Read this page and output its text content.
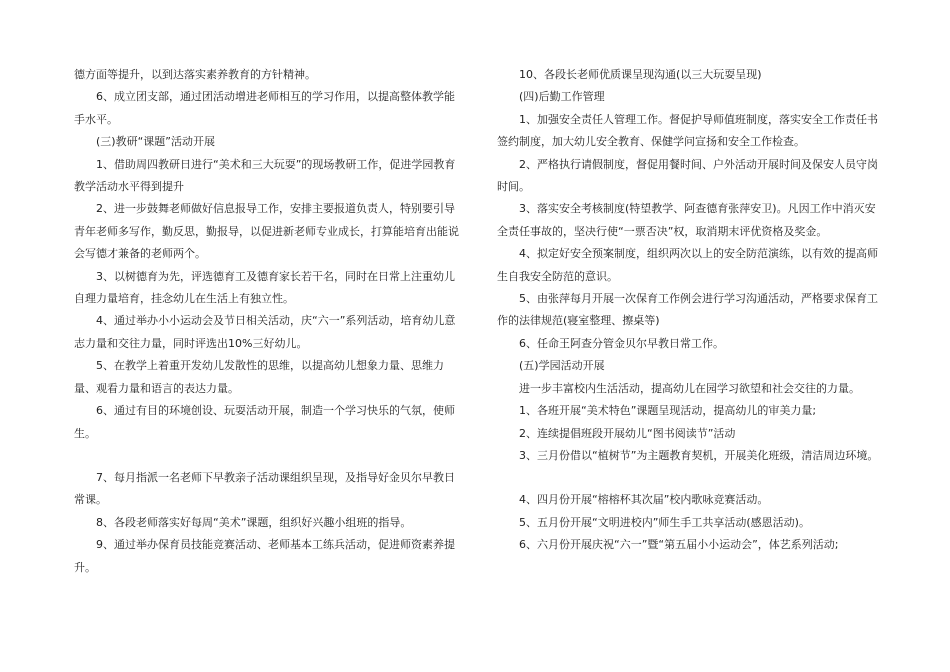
德方面等提升，以到达落实素养教育的方针精神。

6、成立团支部，通过团活动增进老师相互的学习作用，以提高整体教学能手水平。

(三)教研“课题”活动开展

1、借助周四教研日进行“美术和三大玩耍”的现场教研工作，促进学园教育教学活动水平得到提升

2、进一步鼓舞老师做好信息报导工作，安排主要报道负责人，特别要引导青年老师多写作，勤反思，勤报导，以促进新老师专业成长，打算能培育出能说会写德才兼备的老师两个。

3、以树德育为先，评选德育工及德育家长若干名，同时在日常上注重幼儿自理力量培育，挂念幼儿在生活上有独立性。

4、通过举办小小运动会及节日相关活动，庆“六一”系列活动，培育幼儿意志力量和交往力量，同时评选出10%三好幼儿。

5、在教学上着重开发幼儿发散性的思维，以提高幼儿想象力量、思维力量、观看力量和语言的表达力量。

6、通过有目的环境创设、玩耍活动开展，制造一个学习快乐的气氛，使师生。

7、每月指派一名老师下早教亲子活动课组织呈现，及指导好金贝尔早教日常课。

8、各段老师落实好每周“美术”课题，组织好兴趣小组班的指导。

9、通过举办保育员技能竞赛活动、老师基本工练兵活动，促进师资素养提升。

10、各段长老师优质课呈现沟通(以三大玩耍呈现)

(四)后勤工作管理

1、加强安全责任人管理工作。督促护导师值班制度，落实安全工作责任书签约制度，加大幼儿安全教育、保健学问宣扬和安全工作检查。

2、严格执行请假制度，督促用餐时间、户外活动开展时间及保安人员守岗时间。

3、落实安全考核制度(特望教学、阿查德育张萍安卫)。凡因工作中消灭安全责任事故的，坚决行使“一票否决”权，取消期末评优资格及奖金。

4、拟定好安全预案制度，组织两次以上的安全防范演练，以有效的提高师生自我安全防范的意识。

5、由张萍每月开展一次保育工作例会进行学习沟通活动，严格要求保育工作的法律规范(寝室整理、擦桌等)

6、任命王阿查分管金贝尔早教日常工作。

(五)学园活动开展

进一步丰富校内生活活动，提高幼儿在园学习欲望和社会交往的力量。

1、各班开展“美术特色”课题呈现活动，提高幼儿的审美力量;

2、连续提倡班段开展幼儿“图书阅读节”活动

3、三月份借以“植树节”为主题教育契机，开展美化班级，清洁周边环境。

4、四月份开展“榕榕杯其次届”校内歌咏竞赛活动。

5、五月份开展“文明进校内”师生手工共享活动(感恩活动)。

6、六月份开展庆祝“六一”暨“第五届小小运动会”，体艺系列活动;
